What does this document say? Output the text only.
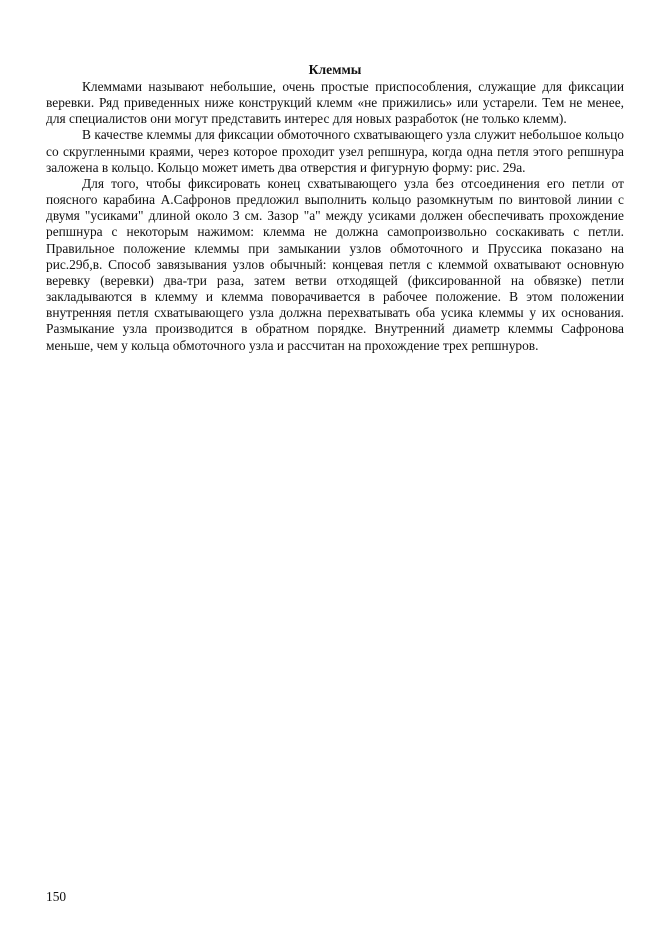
Клеммы

Клеммами называют небольшие, очень простые приспособления, служащие для фиксации веревки. Ряд приведенных ниже конструкций клемм «не прижились» или устарели. Тем не менее, для специалистов они могут представить интерес для новых разработок (не только клемм).

В качестве клеммы для фиксации обмоточного схватывающего узла служит небольшое кольцо со скругленными краями, через которое проходит узел репшнура, когда одна петля этого репшнура заложена в кольцо. Кольцо может иметь два отверстия и фигурную форму: рис. 29а.

Для того, чтобы фиксировать конец схватывающего узла без отсоединения его петли от поясного карабина А.Сафронов предложил выполнить кольцо разомкнутым по винтовой линии с двумя "усиками" длиной около 3 см. Зазор "а" между усиками должен обеспечивать прохождение репшнура с некоторым нажимом: клемма не должна самопроизвольно соскакивать с петли. Правильное положение клеммы при замыкании узлов обмоточного и Пруссика показано на рис.29б,в. Способ завязывания узлов обычный: концевая петля с клеммой охватывают основную веревку (веревки) два-три раза, затем ветви отходящей (фиксированной на обвязке) петли закладываются в клемму и клемма поворачивается в рабочее положение. В этом положении внутренняя петля схватывающего узла должна перехватывать оба усика клеммы у их основания. Размыкание узла производится в обратном порядке. Внутренний диаметр клеммы Сафронова меньше, чем у кольца обмоточного узла и рассчитан на прохождение трех репшнуров.

150
